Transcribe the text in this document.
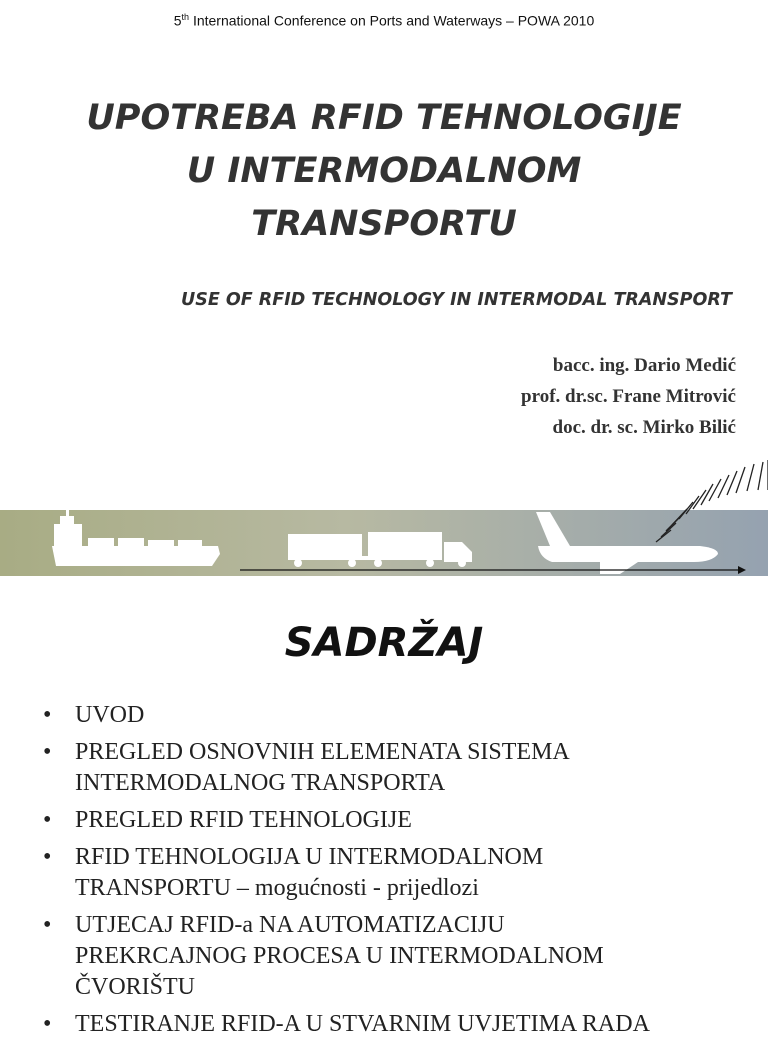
5th International Conference on Ports and Waterways – POWA 2010
UPOTREBA RFID TEHNOLOGIJE
U INTERMODALNOM
TRANSPORTU
USE OF RFID TECHNOLOGY IN INTERMODAL TRANSPORT
bacc. ing. Dario Medić
prof. dr.sc. Frane Mitrović
doc. dr. sc. Mirko Bilić
SADRŽAJ
• UVOD
• PREGLED OSNOVNIH ELEMENATA SISTEMA
INTERMODALNOG TRANSPORTA
• PREGLED RFID TEHNOLOGIJE
• RFID TEHNOLOGIJA U INTERMODALNOM
TRANSPORTU – mogućnosti - prijedlozi
• UTJECAJ RFID-a NA AUTOMATIZACIJU
PREKRCAJNOG PROCESA U INTERMODALNOM
ČVORIŠTU
• TESTIRANJE RFID-A U STVARNIM UVJETIMA RADA
